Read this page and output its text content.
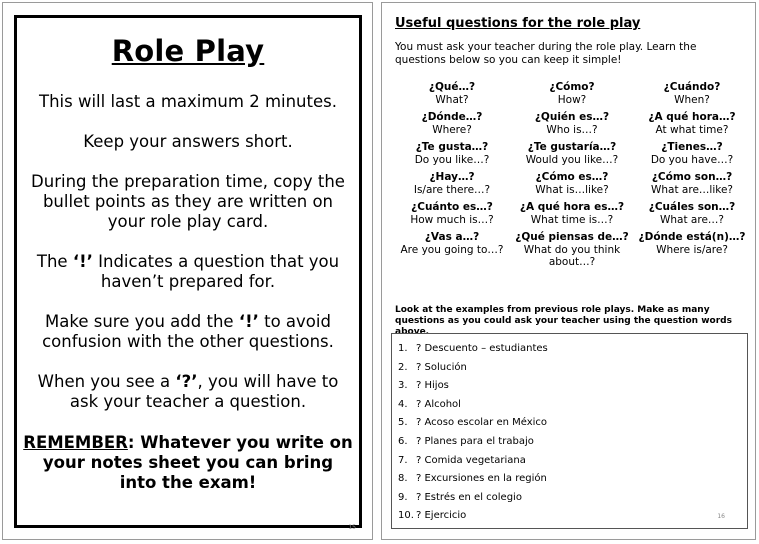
Role Play

This will last a maximum 2 minutes.

Keep your answers short.

During the preparation time, copy the bullet points as they are written on your role play card.

The ‘!’ Indicates a question that you haven’t prepared for.

Make sure you add the ‘!’ to avoid confusion with the other questions.

When you see a ‘?’, you will have to ask your teacher a question.

REMEMBER: Whatever you write on your notes sheet you can bring into the exam!

15
Useful questions for the role play

You must ask your teacher during the role play. Learn the questions below so you can keep it simple!

¿Qué…?
What?
¿Cómo?
How?
¿Cuándo?
When?
¿Dónde…?
Where?
¿Quién es…?
Who is…?
¿A qué hora…?
At what time?
¿Te gusta…?
Do you like…?
¿Te gustaría…?
Would you like…?
¿Tienes…?
Do you have…?
¿Hay…?
Is/are there…?
¿Cómo es…?
What is…like?
¿Cómo son…?
What are…like?
¿Cuánto es…?
How much is…?
¿A qué hora es…?
What time is…?
¿Cuáles son…?
What are…?
¿Vas a…?
Are you going to…?
¿Qué piensas de…?
What do you think about…?
¿Dónde está(n)…?
Where is/are?

Look at the examples from previous role plays. Make as many questions as you could ask your teacher using the question words above.

1. ? Descuento – estudiantes
2. ? Solución
3. ? Hijos
4. ? Alcohol
5. ? Acoso escolar en México
6. ? Planes para el trabajo
7. ? Comida vegetariana
8. ? Excursiones en la región
9. ? Estrés en el colegio
10. ? Ejercicio	16
